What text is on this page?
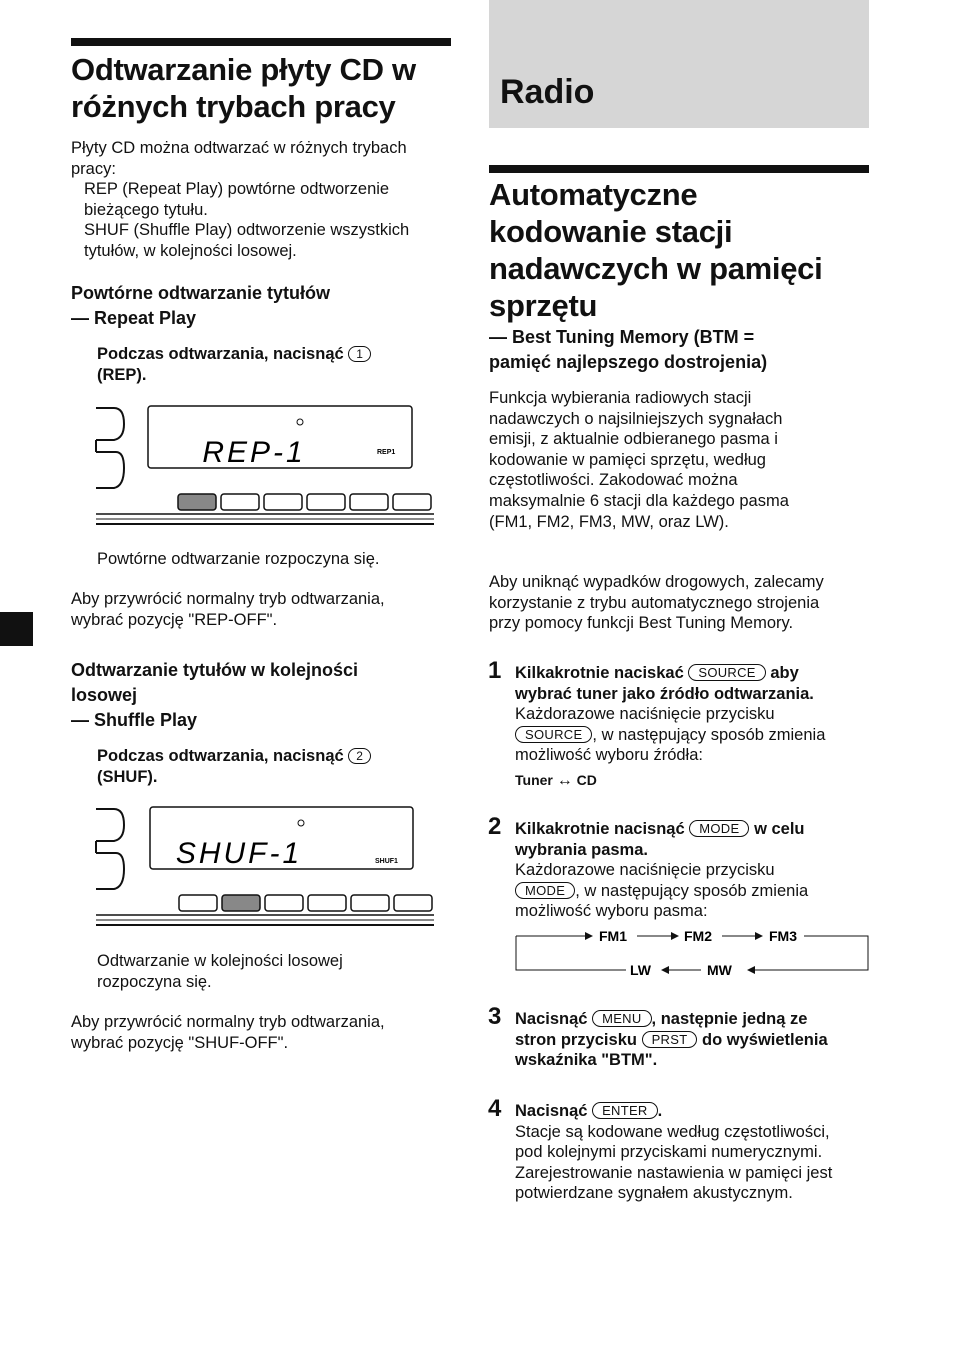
Odtwarzanie płyty CD w
różnych trybach pracy
Płyty CD można odtwarzać w różnych trybach
pracy:
REP (Repeat Play) powtórne odtworzenie
bieżącego tytułu.
SHUF (Shuffle Play) odtworzenie wszystkich
tytułów, w kolejności losowej.
Powtórne odtwarzanie tytułów
— Repeat Play
Podczas odtwarzania, nacisnąć 1
(REP).
REP-1	REP1
Powtórne odtwarzanie rozpoczyna się.
Aby przywrócić normalny tryb odtwarzania,
wybrać pozycję "REP-OFF".
Odtwarzanie tytułów w kolejności
losowej
— Shuffle Play
Podczas odtwarzania, nacisnąć 2
(SHUF).
SHUF-1	SHUF1
Odtwarzanie w kolejności losowej
rozpoczyna się.
Aby przywrócić normalny tryb odtwarzania,
wybrać pozycję "SHUF-OFF".
Radio
Automatyczne
kodowanie stacji
nadawczych w pamięci
sprzętu
— Best Tuning Memory (BTM =
pamięć najlepszego dostrojenia)
Funkcja wybierania radiowych stacji
nadawczych o najsilniejszych sygnałach
emisji, z aktualnie odbieranego pasma i
kodowanie w pamięci sprzętu, według
częstotliwości. Zakodować można
maksymalnie 6 stacji dla każdego pasma
(FM1, FM2, FM3, MW, oraz LW).
Aby uniknąć wypadków drogowych, zalecamy
korzystanie z trybu automatycznego strojenia
przy pomocy funkcji Best Tuning Memory.
1 Kilkakrotnie naciskać SOURCE aby
wybrać tuner jako źródło odtwarzania.
Każdorazowe naciśnięcie przycisku
SOURCE , w następujący sposób zmienia
możliwość wyboru źródła:
Tuner ↔ CD
2 Kilkakrotnie nacisnąć MODE w celu
wybrania pasma.
Każdorazowe naciśnięcie przycisku
MODE , w następujący sposób zmienia
możliwość wyboru pasma:
FM1	FM2	FM3
MW
LW
3 Nacisnąć MENU , następnie jedną ze
stron przycisku PRST do wyświetlenia
wskaźnika "BTM".
4 Nacisnąć ENTER .
Stacje są kodowane według częstotliwości,
pod kolejnymi przyciskami numerycznymi.
Zarejestrowanie nastawienia w pamięci jest
potwierdzane sygnałem akustycznym.
